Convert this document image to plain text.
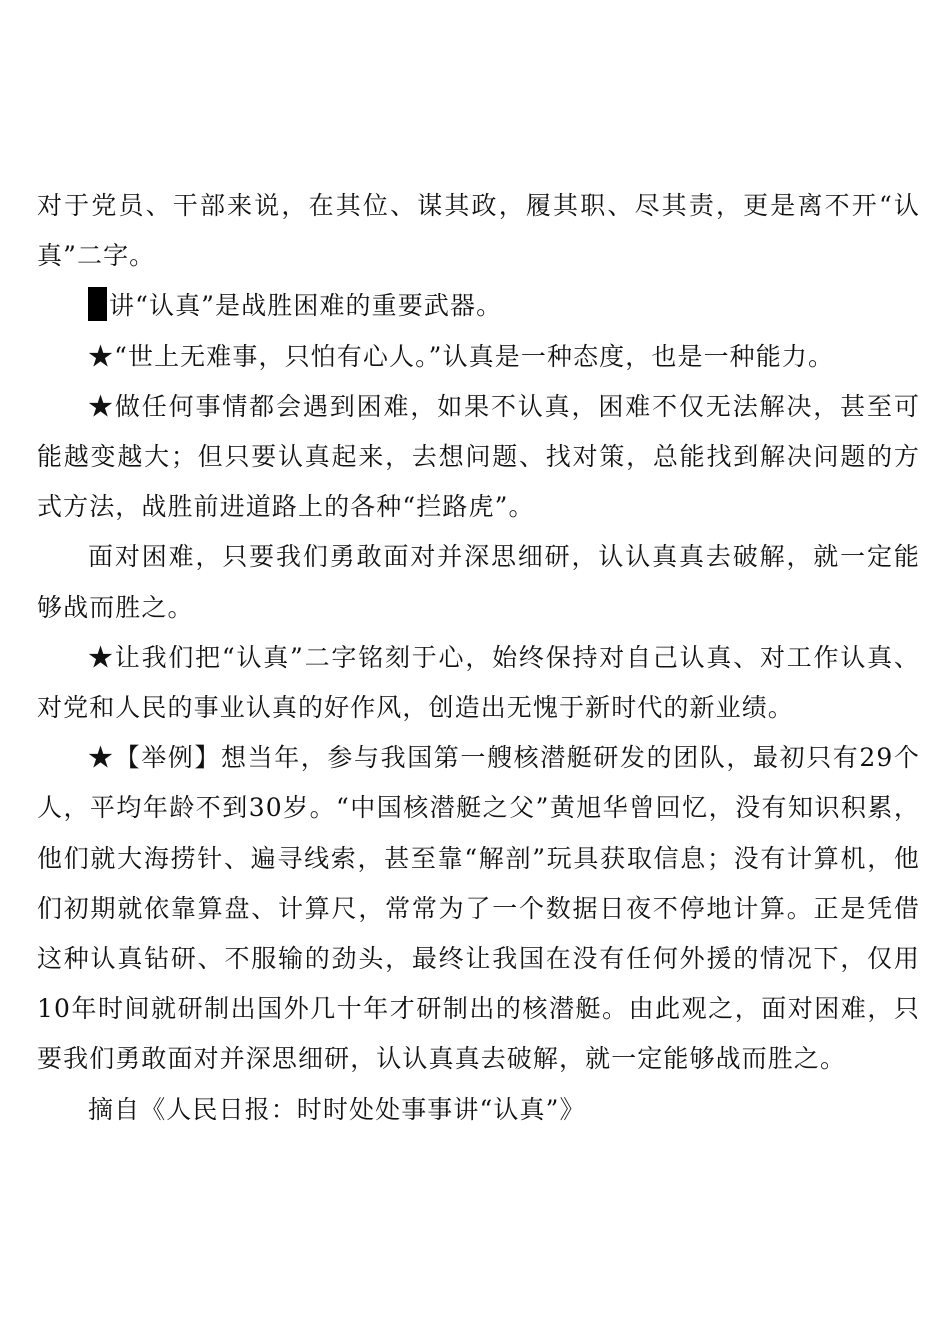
对于党员、干部来说，在其位、谋其政，履其职、尽其责，更是离不开“认真”二字。

讲“认真”是战胜困难的重要武器。

★“世上无难事，只怕有心人。”认真是一种态度，也是一种能力。

★做任何事情都会遇到困难，如果不认真，困难不仅无法解决，甚至可能越变越大；但只要认真起来，去想问题、找对策，总能找到解决问题的方式方法，战胜前进道路上的各种“拦路虎”。

面对困难，只要我们勇敢面对并深思细研，认认真真去破解，就一定能够战而胜之。

★让我们把“认真”二字铭刻于心，始终保持对自己认真、对工作认真、对党和人民的事业认真的好作风，创造出无愧于新时代的新业绩。

★【举例】想当年，参与我国第一艘核潜艇研发的团队，最初只有29个人，平均年龄不到30岁。“中国核潜艇之父”黄旭华曾回忆，没有知识积累，他们就大海捞针、遍寻线索，甚至靠“解剖”玩具获取信息；没有计算机，他们初期就依靠算盘、计算尺，常常为了一个数据日夜不停地计算。正是凭借这种认真钻研、不服输的劲头，最终让我国在没有任何外援的情况下，仅用10年时间就研制出国外几十年才研制出的核潜艇。由此观之，面对困难，只要我们勇敢面对并深思细研，认认真真去破解，就一定能够战而胜之。

摘自《人民日报：时时处处事事讲“认真”》
